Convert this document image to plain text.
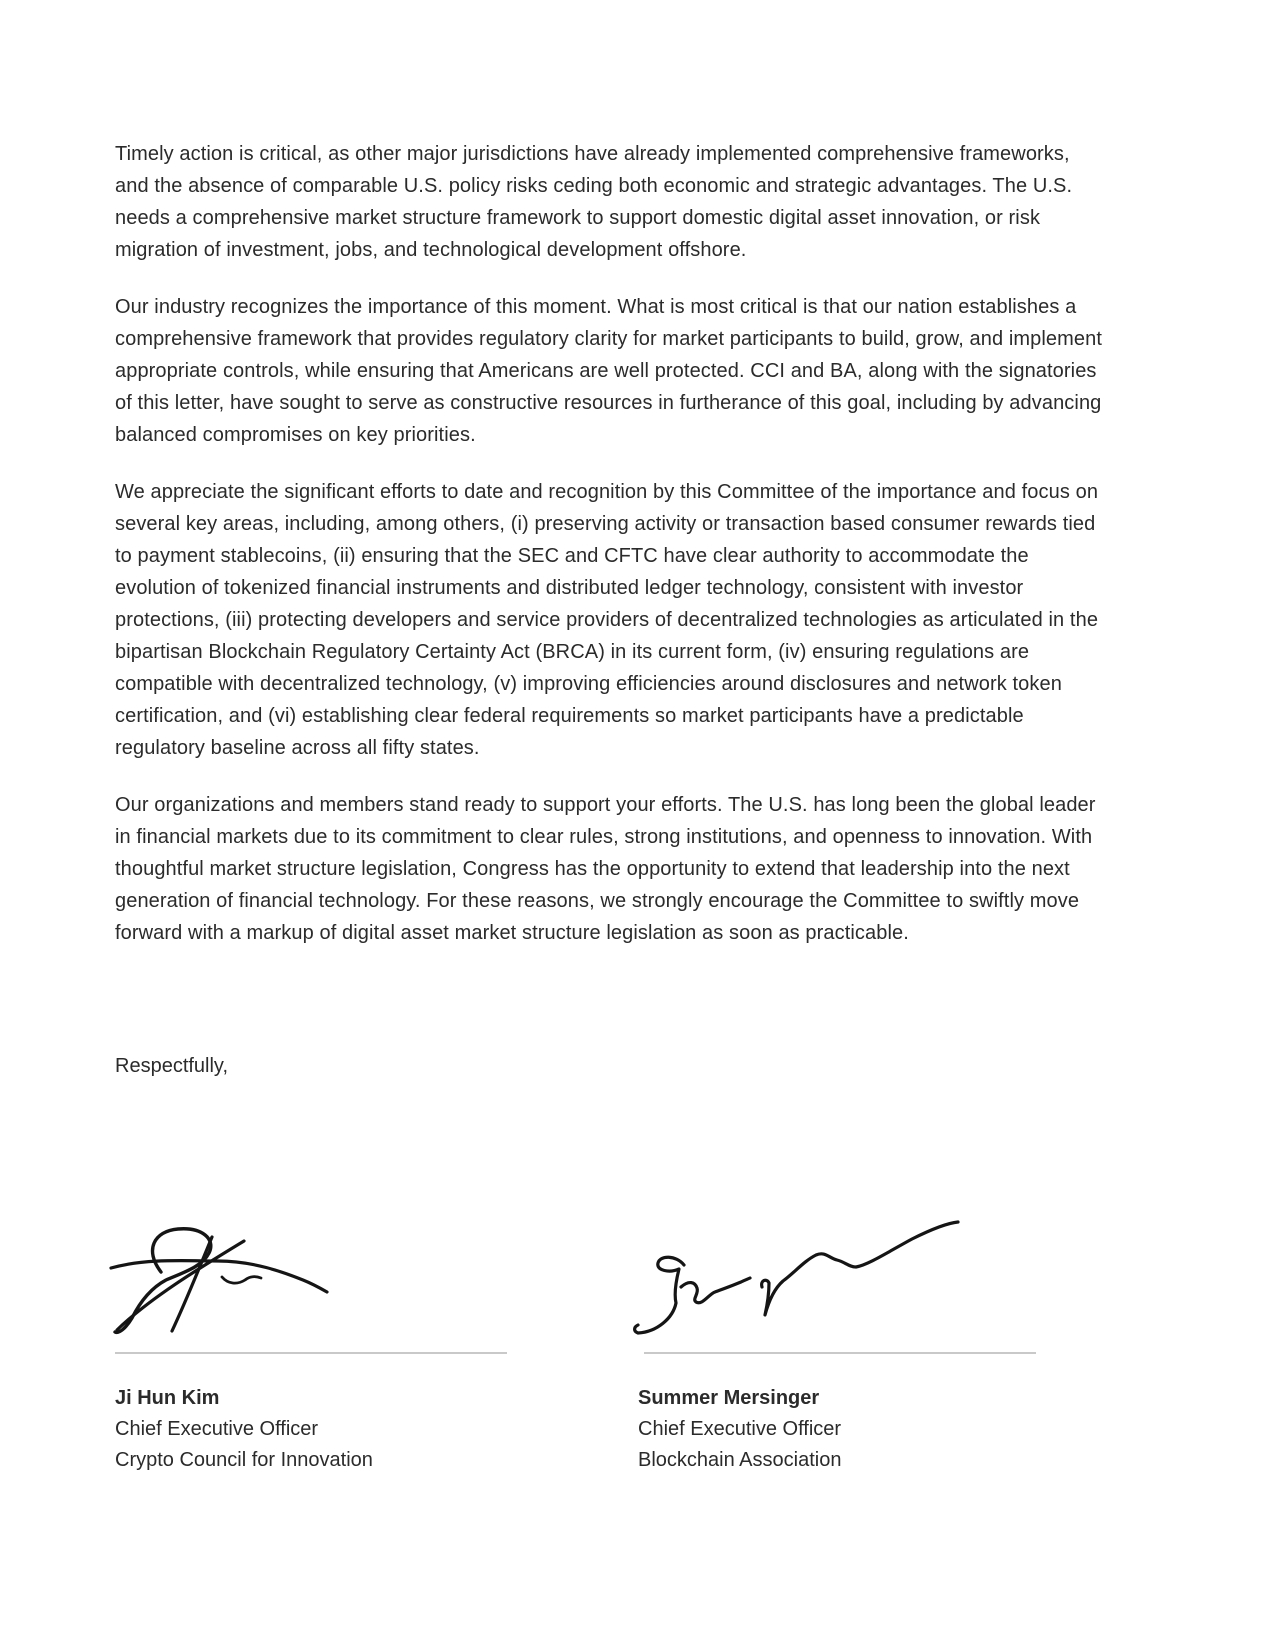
Timely action is critical, as other major jurisdictions have already implemented comprehensive frameworks, and the absence of comparable U.S. policy risks ceding both economic and strategic advantages. The U.S. needs a comprehensive market structure framework to support domestic digital asset innovation, or risk migration of investment, jobs, and technological development offshore.

Our industry recognizes the importance of this moment. What is most critical is that our nation establishes a comprehensive framework that provides regulatory clarity for market participants to build, grow, and implement appropriate controls, while ensuring that Americans are well protected. CCI and BA, along with the signatories of this letter, have sought to serve as constructive resources in furtherance of this goal, including by advancing balanced compromises on key priorities.

We appreciate the significant efforts to date and recognition by this Committee of the importance and focus on several key areas, including, among others, (i) preserving activity or transaction based consumer rewards tied to payment stablecoins, (ii) ensuring that the SEC and CFTC have clear authority to accommodate the evolution of tokenized financial instruments and distributed ledger technology, consistent with investor protections, (iii) protecting developers and service providers of decentralized technologies as articulated in the bipartisan Blockchain Regulatory Certainty Act (BRCA) in its current form, (iv) ensuring regulations are compatible with decentralized technology, (v) improving efficiencies around disclosures and network token certification, and (vi) establishing clear federal requirements so market participants have a predictable regulatory baseline across all fifty states.

Our organizations and members stand ready to support your efforts. The U.S. has long been the global leader in financial markets due to its commitment to clear rules, strong institutions, and openness to innovation. With thoughtful market structure legislation, Congress has the opportunity to extend that leadership into the next generation of financial technology. For these reasons, we strongly encourage the Committee to swiftly move forward with a markup of digital asset market structure legislation as soon as practicable.

Respectfully,
Ji Hun Kim
Chief Executive Officer
Crypto Council for Innovation
Summer Mersinger
Chief Executive Officer
Blockchain Association
